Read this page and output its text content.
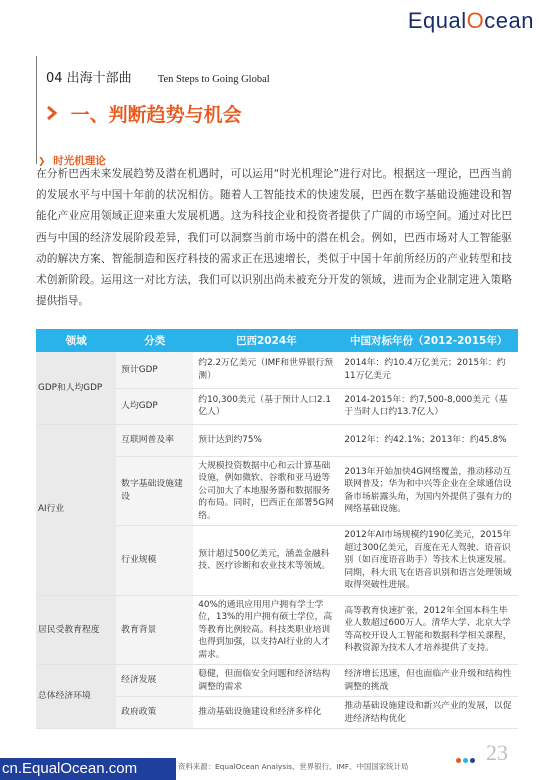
EqualOcean
04 出海十部曲 Ten Steps to Going Global
一、判断趋势与机会
❯ 时光机理论
在分析巴西未来发展趋势及潜在机遇时，可以运用“时光机理论”进行对比。根据这一理论，巴西当前的发展水平与中国十年前的状况相仿。随着人工智能技术的快速发展，巴西在数字基础设施建设和智能化产业应用领域正迎来重大发展机遇。这为科技企业和投资者提供了广阔的市场空间。通过对比巴西与中国的经济发展阶段差异，我们可以洞察当前市场中的潜在机会。例如，巴西市场对人工智能驱动的解决方案、智能制造和医疗科技的需求正在迅速增长，类似于中国十年前所经历的产业转型和技术创新阶段。运用这一对比方法，我们可以识别出尚未被充分开发的领域，进而为企业制定进入策略提供指导。
领域	分类	巴西2024年	中国对标年份（2012-2015年）
GDP和人均GDP	预计GDP	约2.2万亿美元（IMF和世界银行预测）	2014年：约10.4万亿美元；2015年：约11万亿美元
	人均GDP	约10,300美元（基于预计人口2.1亿人）	2014-2015年：约7,500-8,000美元（基于当时人口约13.7亿人）
AI行业	互联网普及率	预计达到约75%	2012年：约42.1%；2013年：约45.8%
	数字基础设施建设	大规模投资数据中心和云计算基础设施，例如微软、谷歌和亚马逊等公司加大了本地服务器和数据服务的布局。同时，巴西正在部署5G网络。	2013年开始加快4G网络覆盖，推动移动互联网普及；华为和中兴等企业在全球通信设备市场崭露头角，为国内外提供了强有力的网络基础设施。
	行业规模	预计超过500亿美元，涵盖金融科技、医疗诊断和农业技术等领域。	2012年AI市场规模约190亿美元，2015年超过300亿美元，百度在无人驾驶、语音识别（如百度语音助手）等技术上快速发展。同期，科大讯飞在语音识别和语言处理领域取得突破性进展。
居民受教育程度	教育背景	40%的通讯应用用户拥有学士学位，13%的用户拥有硕士学位，高等教育比例较高。科技类职业培训也得到加强，以支持AI行业的人才需求。	高等教育快速扩张，2012年全国本科生毕业人数超过600万人。清华大学、北京大学等高校开设人工智能和数据科学相关课程，科教资源为技术人才培养提供了支持。
总体经济环境	经济发展	稳健，但面临安全问题和经济结构调整的需求	经济增长迅速，但也面临产业升级和结构性调整的挑战
	政府政策	推动基础设施建设和经济多样化	推动基础设施建设和新兴产业的发展，以促进经济结构优化
cn.EqualOcean.com	资料来源：EqualOcean Analysis、世界银行、IMF、中国国家统计局
23
